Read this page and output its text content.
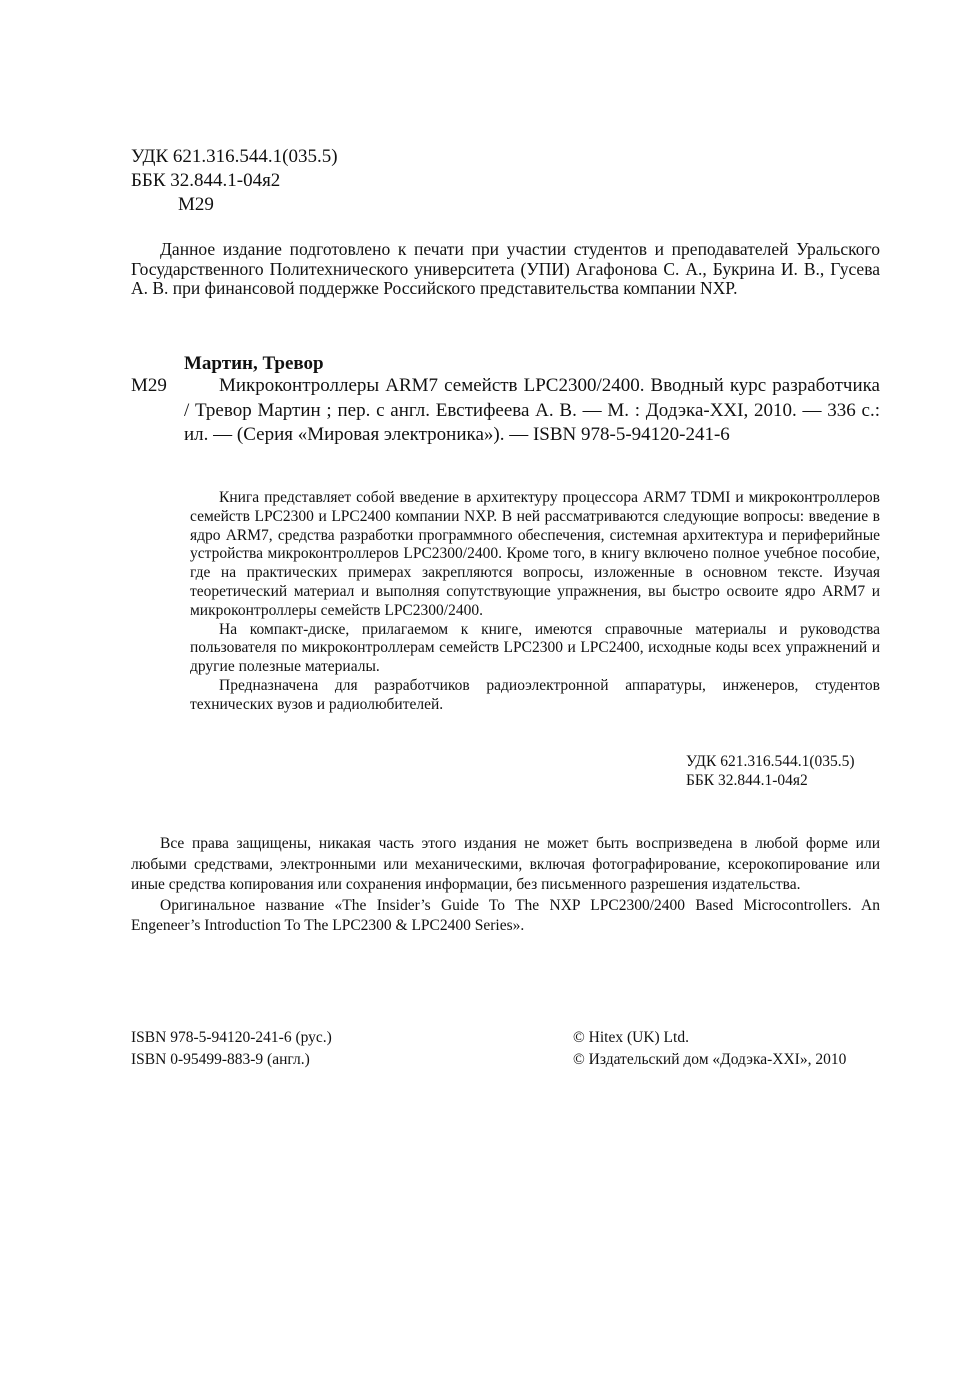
УДК 621.316.544.1(035.5)
ББК 32.844.1-04я2
М29
Данное издание подготовлено к печати при участии студентов и преподавателей Уральского Государственного Политехнического университета (УПИ) Агафонова С. А., Букрина И. В., Гусева А. В. при финансовой поддержке Российского представительства компании NXP.
Мартин, Тревор
М29	Микроконтроллеры ARM7 семейств LPC2300/2400. Вводный курс разработчика / Тревор Мартин ; пер. с англ. Евстифеева А. В. — М. : Додэка-XXI, 2010. — 336 с.: ил. — (Серия «Мировая электроника»). — ISBN 978-5-94120-241-6

Книга представляет собой введение в архитектуру процессора ARM7 TDMI и микроконтроллеров семейств LPC2300 и LPC2400 компании NXP. В ней рассматриваются следующие вопросы: введение в ядро ARM7, средства разработки программного обеспечения, системная архитектура и периферийные устройства микроконтроллеров LPC2300/2400. Кроме того, в книгу включено полное учебное пособие, где на практических примерах закрепляются вопросы, изложенные в основном тексте. Изучая теоретический материал и выполняя сопутствующие упражнения, вы быстро освоите ядро ARM7 и микроконтроллеры семейств LPC2300/2400.

На компакт-диске, прилагаемом к книге, имеются справочные материалы и руководства пользователя по микроконтроллерам семейств LPC2300 и LPC2400, исходные коды всех упражнений и другие полезные материалы.

Предназначена для разработчиков радиоэлектронной аппаратуры, инженеров, студентов технических вузов и радиолюбителей.

УДК 621.316.544.1(035.5)
ББК 32.844.1-04я2

Все права защищены, никакая часть этого издания не может быть воспризведена в любой форме или любыми средствами, электронными или механическими, включая фотографирование, ксерокопирование или иные средства копирования или сохранения информации, без письменного разрешения издательства.

Оригинальное название «The Insider’s Guide To The NXP LPC2300/2400 Based Microcontrollers. An Engeneer’s Introduction To The LPC2300 & LPC2400 Series».

ISBN 978-5-94120-241-6 (рус.)
ISBN 0-95499-883-9 (англ.)
© Hitex (UK) Ltd.
© Издательский дом «Додэка-XXI», 2010
